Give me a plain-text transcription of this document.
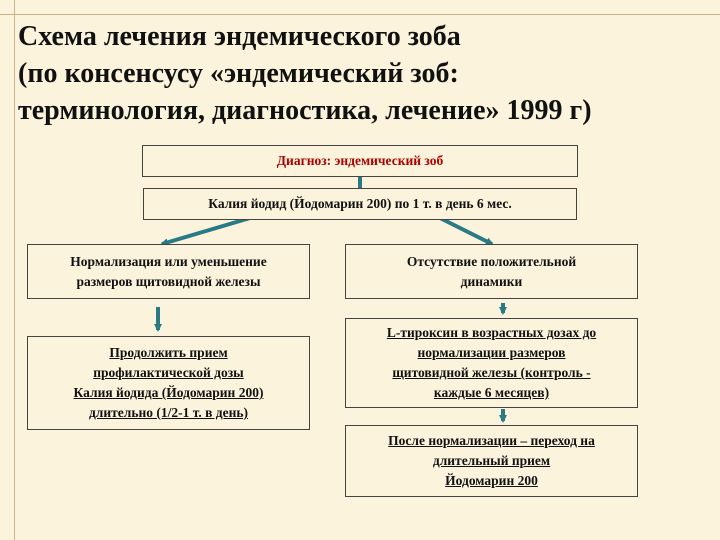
Схема лечения эндемического зоба
(по консенсусу «эндемический зоб:
терминология, диагностика, лечение» 1999 г)
Диагноз: эндемический зоб
Калия йодид (Йодомарин 200) по 1 т. в день 6 мес.
Нормализация или уменьшение
размеров щитовидной железы
Отсутствие положительной
динамики
Продолжить прием
профилактической дозы
Калия йодида (Йодомарин 200)
длительно (1/2-1 т. в день)
L-тироксин в возрастных дозах до
нормализации размеров
щитовидной железы (контроль -
каждые 6 месяцев)
После нормализации – переход на
длительный прием
Йодомарин 200
